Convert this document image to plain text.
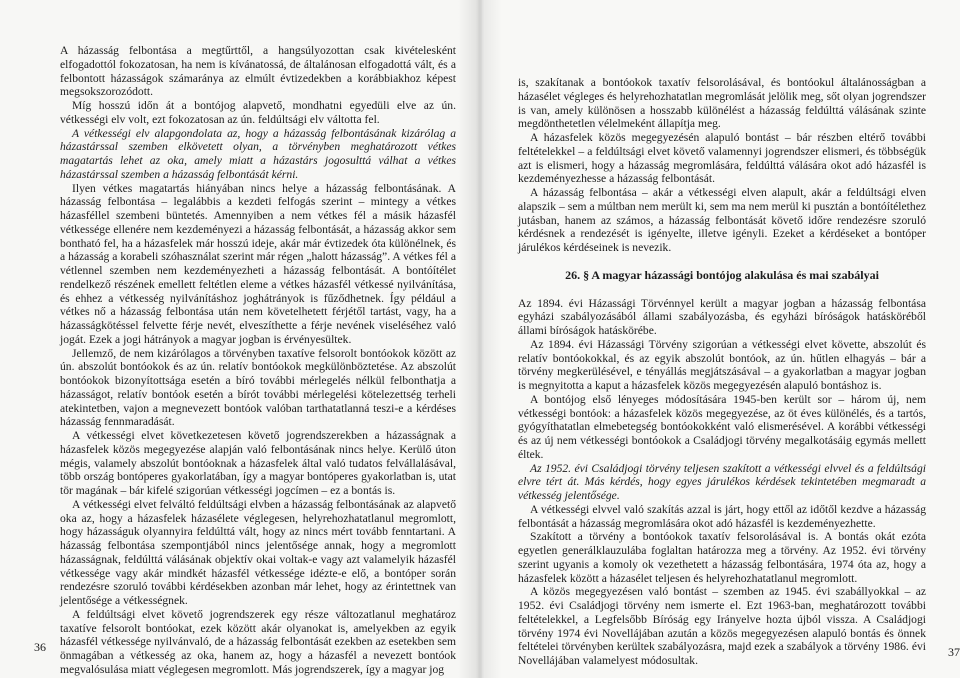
A házasság felbontása a megtűrttől, a hangsúlyozottan csak kivételesként elfogadottól fokozatosan, ha nem is kívánatossá, de általánosan elfogadottá vált, és a felbontott házasságok számaránya az elmúlt évtizedekben a korábbiakhoz képest megsokszorozódott.

Míg hosszú időn át a bontójog alapvető, mondhatni egyedüli elve az ún. vétkességi elv volt, ezt fokozatosan az ún. feldúltsági elv váltotta fel.

A vétkességi elv alapgondolata az, hogy a házasság felbontásának kizárólag a házastárssal szemben elkövetett olyan, a törvényben meghatározott vétkes magatartás lehet az oka, amely miatt a házastárs jogosulttá válhat a vétkes házastárssal szemben a házasság felbontását kérni.

Ilyen vétkes magatartás hiányában nincs helye a házasság felbontásának. A házasság felbontása – legalábbis a kezdeti felfogás szerint – mintegy a vétkes házasféllel szembeni büntetés. Amennyiben a nem vétkes fél a másik házasfél vétkessége ellenére nem kezdeményezi a házasság felbontását, a házasság akkor sem bontható fel, ha a házasfelek már hosszú ideje, akár már évtizedek óta különélnek, és a házasság a korabeli szóhasználat szerint már régen „halott házasság”. A vétkes fél a vétlennel szemben nem kezdeményezheti a házasság felbontását. A bontóítélet rendelkező részének emellett feltétlen eleme a vétkes házasfél vétkessé nyilvánítása, és ehhez a vétkesség nyilvánításhoz joghátrányok is fűződhetnek. Így például a vétkes nő a házasság felbontása után nem követelhetett férjétől tartást, vagy, ha a házasságkötéssel felvette férje nevét, elveszíthette a férje nevének viseléséhez való jogát. Ezek a jogi hátrányok a magyar jogban is érvényesültek.

Jellemző, de nem kizárólagos a törvényben taxatíve felsorolt bontóokok között az ún. abszolút bontóokok és az ún. relatív bontóokok megkülönböztetése. Az abszolút bontóokok bizonyítottsága esetén a bíró további mérlegelés nélkül felbonthatja a házasságot, relatív bontóok esetén a bírót további mérlegelési kötelezettség terheli atekintetben, vajon a megnevezett bontóok valóban tarthatatlanná teszi-e a kérdéses házasság fennmaradását.

A vétkességi elvet következetesen követő jogrendszerekben a házasságnak a házasfelek közös megegyezése alapján való felbontásának nincs helye. Kerülő úton mégis, valamely abszolút bontóoknak a házasfelek által való tudatos felvállalásával, több ország bontóperes gyakorlatában, így a magyar bontóperes gyakorlatban is, utat tör magának – bár kifelé szigorúan vétkességi jogcímen – ez a bontás is.

A vétkességi elvet felváltó feldúltsági elvben a házasság felbontásának az alapvető oka az, hogy a házasfelek házasélete véglegesen, helyrehozhatatlanul megromlott, hogy házasságuk olyannyira feldúlttá vált, hogy az nincs mért tovább fenntartani. A házasság felbontása szempontjából nincs jelentősége annak, hogy a megromlott házasságnak, feldúlttá válásának objektív okai voltak-e vagy azt valamelyik házasfél vétkessége vagy akár mindkét házasfél vétkessége idézte-e elő, a bontóper során rendezésre szoruló további kérdésekben azonban már lehet, hogy az érintettnek van jelentősége a vétkességnek.

A feldúltsági elvet követő jogrendszerek egy része változatlanul meghatároz taxatíve felsorolt bontóokat, ezek között akár olyanokat is, amelyekben az egyik házasfél vétkessége nyilvánvaló, de a házasság felbontását ezekben az esetekben sem önmagában a vétkesség az oka, hanem az, hogy a házasfél a nevezett bontóok megvalósulása miatt véglegesen megromlott. Más jogrendszerek, így a magyar jog

36

is, szakítanak a bontóokok taxatív felsorolásával, és bontóokul általánosságban a házasélet végleges és helyrehozhatatlan megromlását jelölik meg, sőt olyan jogrendszer is van, amely különösen a hosszabb különélést a házasság feldúlttá válásának szinte megdönthetetlen vélelmeként állapítja meg.

A házasfelek közös megegyezésén alapuló bontást – bár részben eltérő további feltételekkel – a feldúltsági elvet követő valamennyi jogrendszer elismeri, és többségük azt is elismeri, hogy a házasság megromlására, feldúlttá válására okot adó házasfél is kezdeményezhesse a házasság felbontását.

A házasság felbontása – akár a vétkességi elven alapult, akár a feldúltsági elven alapszik – sem a múltban nem merült ki, sem ma nem merül ki pusztán a bontóítélethez jutásban, hanem az számos, a házasság felbontását követő időre rendezésre szoruló kérdésnek a rendezését is igényelte, illetve igényli. Ezeket a kérdéseket a bontóper járulékos kérdéseinek is nevezik.

26. § A magyar házassági bontójog alakulása és mai szabályai

Az 1894. évi Házassági Törvénnyel került a magyar jogban a házasság felbontása egyházi szabályozásából állami szabályozásba, és egyházi bíróságok hatásköréből állami bíróságok hatáskörébe.

Az 1894. évi Házassági Törvény szigorúan a vétkességi elvet követte, abszolút és relatív bontóokokkal, és az egyik abszolút bontóok, az ún. hűtlen elhagyás – bár a törvény megkerülésével, e tényállás megjátszásával – a gyakorlatban a magyar jogban is megnyitotta a kaput a házasfelek közös megegyezésén alapuló bontáshoz is.

A bontójog első lényeges módosítására 1945-ben került sor – három új, nem vétkességi bontóok: a házasfelek közös megegyezése, az öt éves különélés, és a tartós, gyógyíthatatlan elmebetegség bontóokokként való elismerésével. A korábbi vétkességi és az új nem vétkességi bontóokok a Családjogi törvény megalkotásáig egymás mellett éltek.

Az 1952. évi Családjogi törvény teljesen szakított a vétkességi elvvel és a feldúltsági elvre tért át. Más kérdés, hogy egyes járulékos kérdések tekintetében megmaradt a vétkesség jelentősége.

A vétkességi elvvel való szakítás azzal is járt, hogy ettől az időtől kezdve a házasság felbontását a házasság megromlására okot adó házasfél is kezdeményezhette.

Szakított a törvény a bontóokok taxatív felsorolásával is. A bontás okát ezóta egyetlen generálklauzulába foglaltan határozza meg a törvény. Az 1952. évi törvény szerint ugyanis a komoly ok vezethetett a házasság felbontására, 1974 óta az, hogy a házasfelek között a házasélet teljesen és helyrehozhatatlanul megromlott.

A közös megegyezésen való bontást – szemben az 1945. évi szabállyokkal – az 1952. évi Családjogi törvény nem ismerte el. Ezt 1963-ban, meghatározott további feltételekkel, a Legfelsőbb Bíróság egy Irányelve hozta újból vissza. A Családjogi törvény 1974 évi Novellájában azután a közös megegyezésen alapuló bontás és önnek feltételei törvényben kerültek szabályozásra, majd ezek a szabályok a törvény 1986. évi Novellájában valamelyest módosultak.

37
